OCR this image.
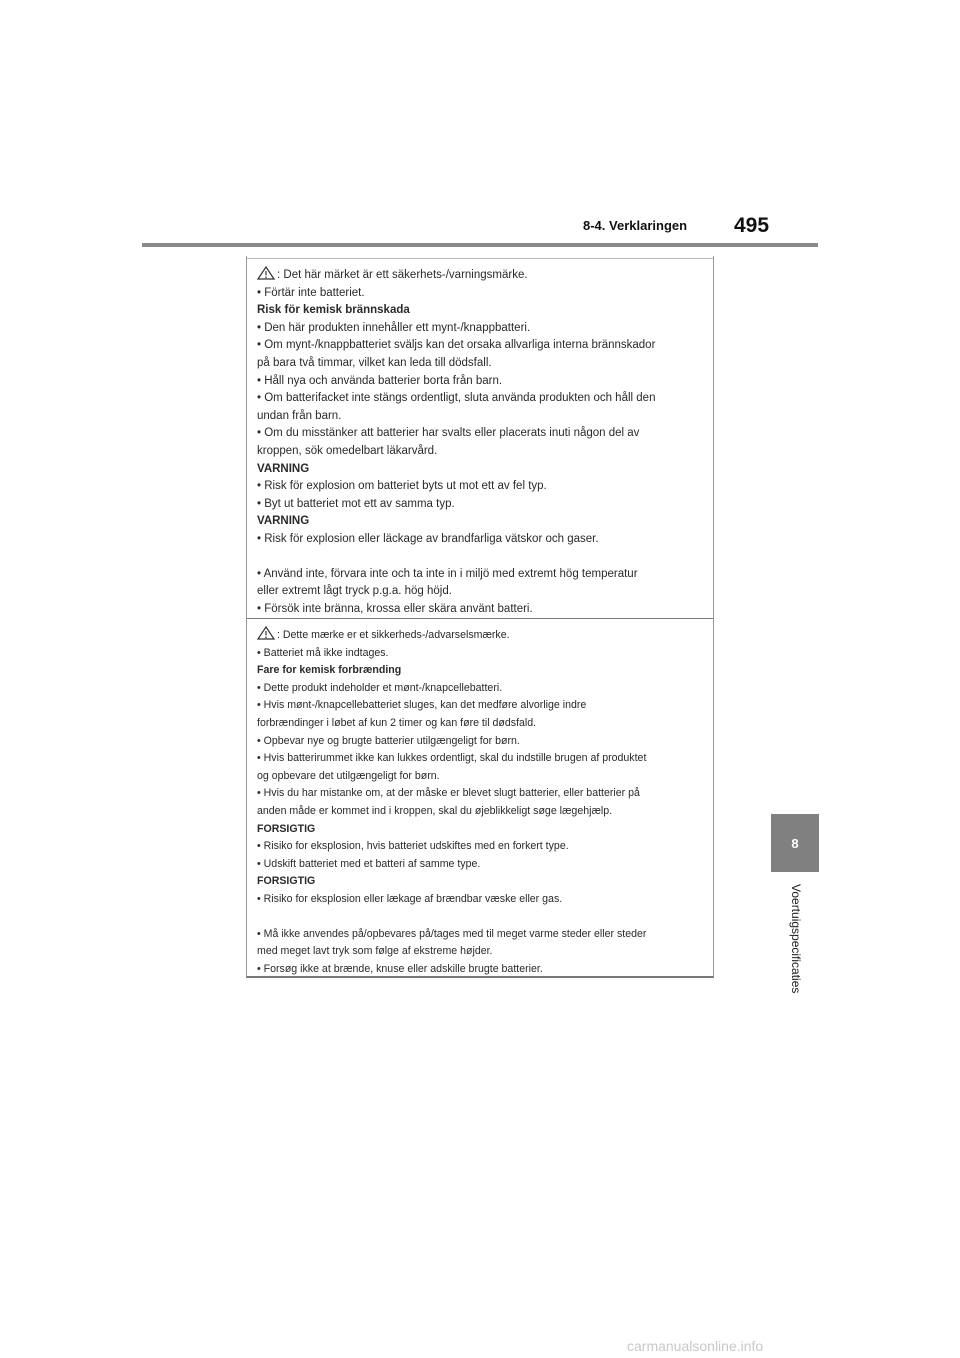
8-4. Verklaringen 495
8
Voertuigspecificaties
: Det här märket är ett säkerhets-/varningsmärke.
• Förtär inte batteriet.
Risk för kemisk brännskada
• Den här produkten innehåller ett mynt-/knappbatteri.
• Om mynt-/knappbatteriet sväljs kan det orsaka allvarliga interna brännskador
på bara två timmar, vilket kan leda till dödsfall.
• Håll nya och använda batterier borta från barn.
• Om batterifacket inte stängs ordentligt, sluta använda produkten och håll den
undan från barn.
• Om du misstänker att batterier har svalts eller placerats inuti någon del av
kroppen, sök omedelbart läkarvård.
VARNING
• Risk för explosion om batteriet byts ut mot ett av fel typ.
• Byt ut batteriet mot ett av samma typ.
VARNING
• Risk för explosion eller läckage av brandfarliga vätskor och gaser.
• Använd inte, förvara inte och ta inte in i miljö med extremt hög temperatur
eller extremt lågt tryck p.g.a. hög höjd.
• Försök inte bränna, krossa eller skära använt batteri.
: Dette mærke er et sikkerheds-/advarselsmærke.
• Batteriet må ikke indtages.
Fare for kemisk forbrænding
• Dette produkt indeholder et mønt-/knapcellebatteri.
• Hvis mønt-/knapcellebatteriet sluges, kan det medføre alvorlige indre
forbrændinger i løbet af kun 2 timer og kan føre til dødsfald.
• Opbevar nye og brugte batterier utilgængeligt for børn.
• Hvis batterirummet ikke kan lukkes ordentligt, skal du indstille brugen af produktet
og opbevare det utilgængeligt for børn.
• Hvis du har mistanke om, at der måske er blevet slugt batterier, eller batterier på
anden måde er kommet ind i kroppen, skal du øjeblikkeligt søge lægehjælp.
FORSIGTIG
• Risiko for eksplosion, hvis batteriet udskiftes med en forkert type.
• Udskift batteriet med et batteri af samme type.
FORSIGTIG
• Risiko for eksplosion eller lækage af brændbar væske eller gas.
• Må ikke anvendes på/opbevares på/tages med til meget varme steder eller steder
med meget lavt tryk som følge af ekstreme højder.
• Forsøg ikke at brænde, knuse eller adskille brugte batterier.
carmanualsonline.info
